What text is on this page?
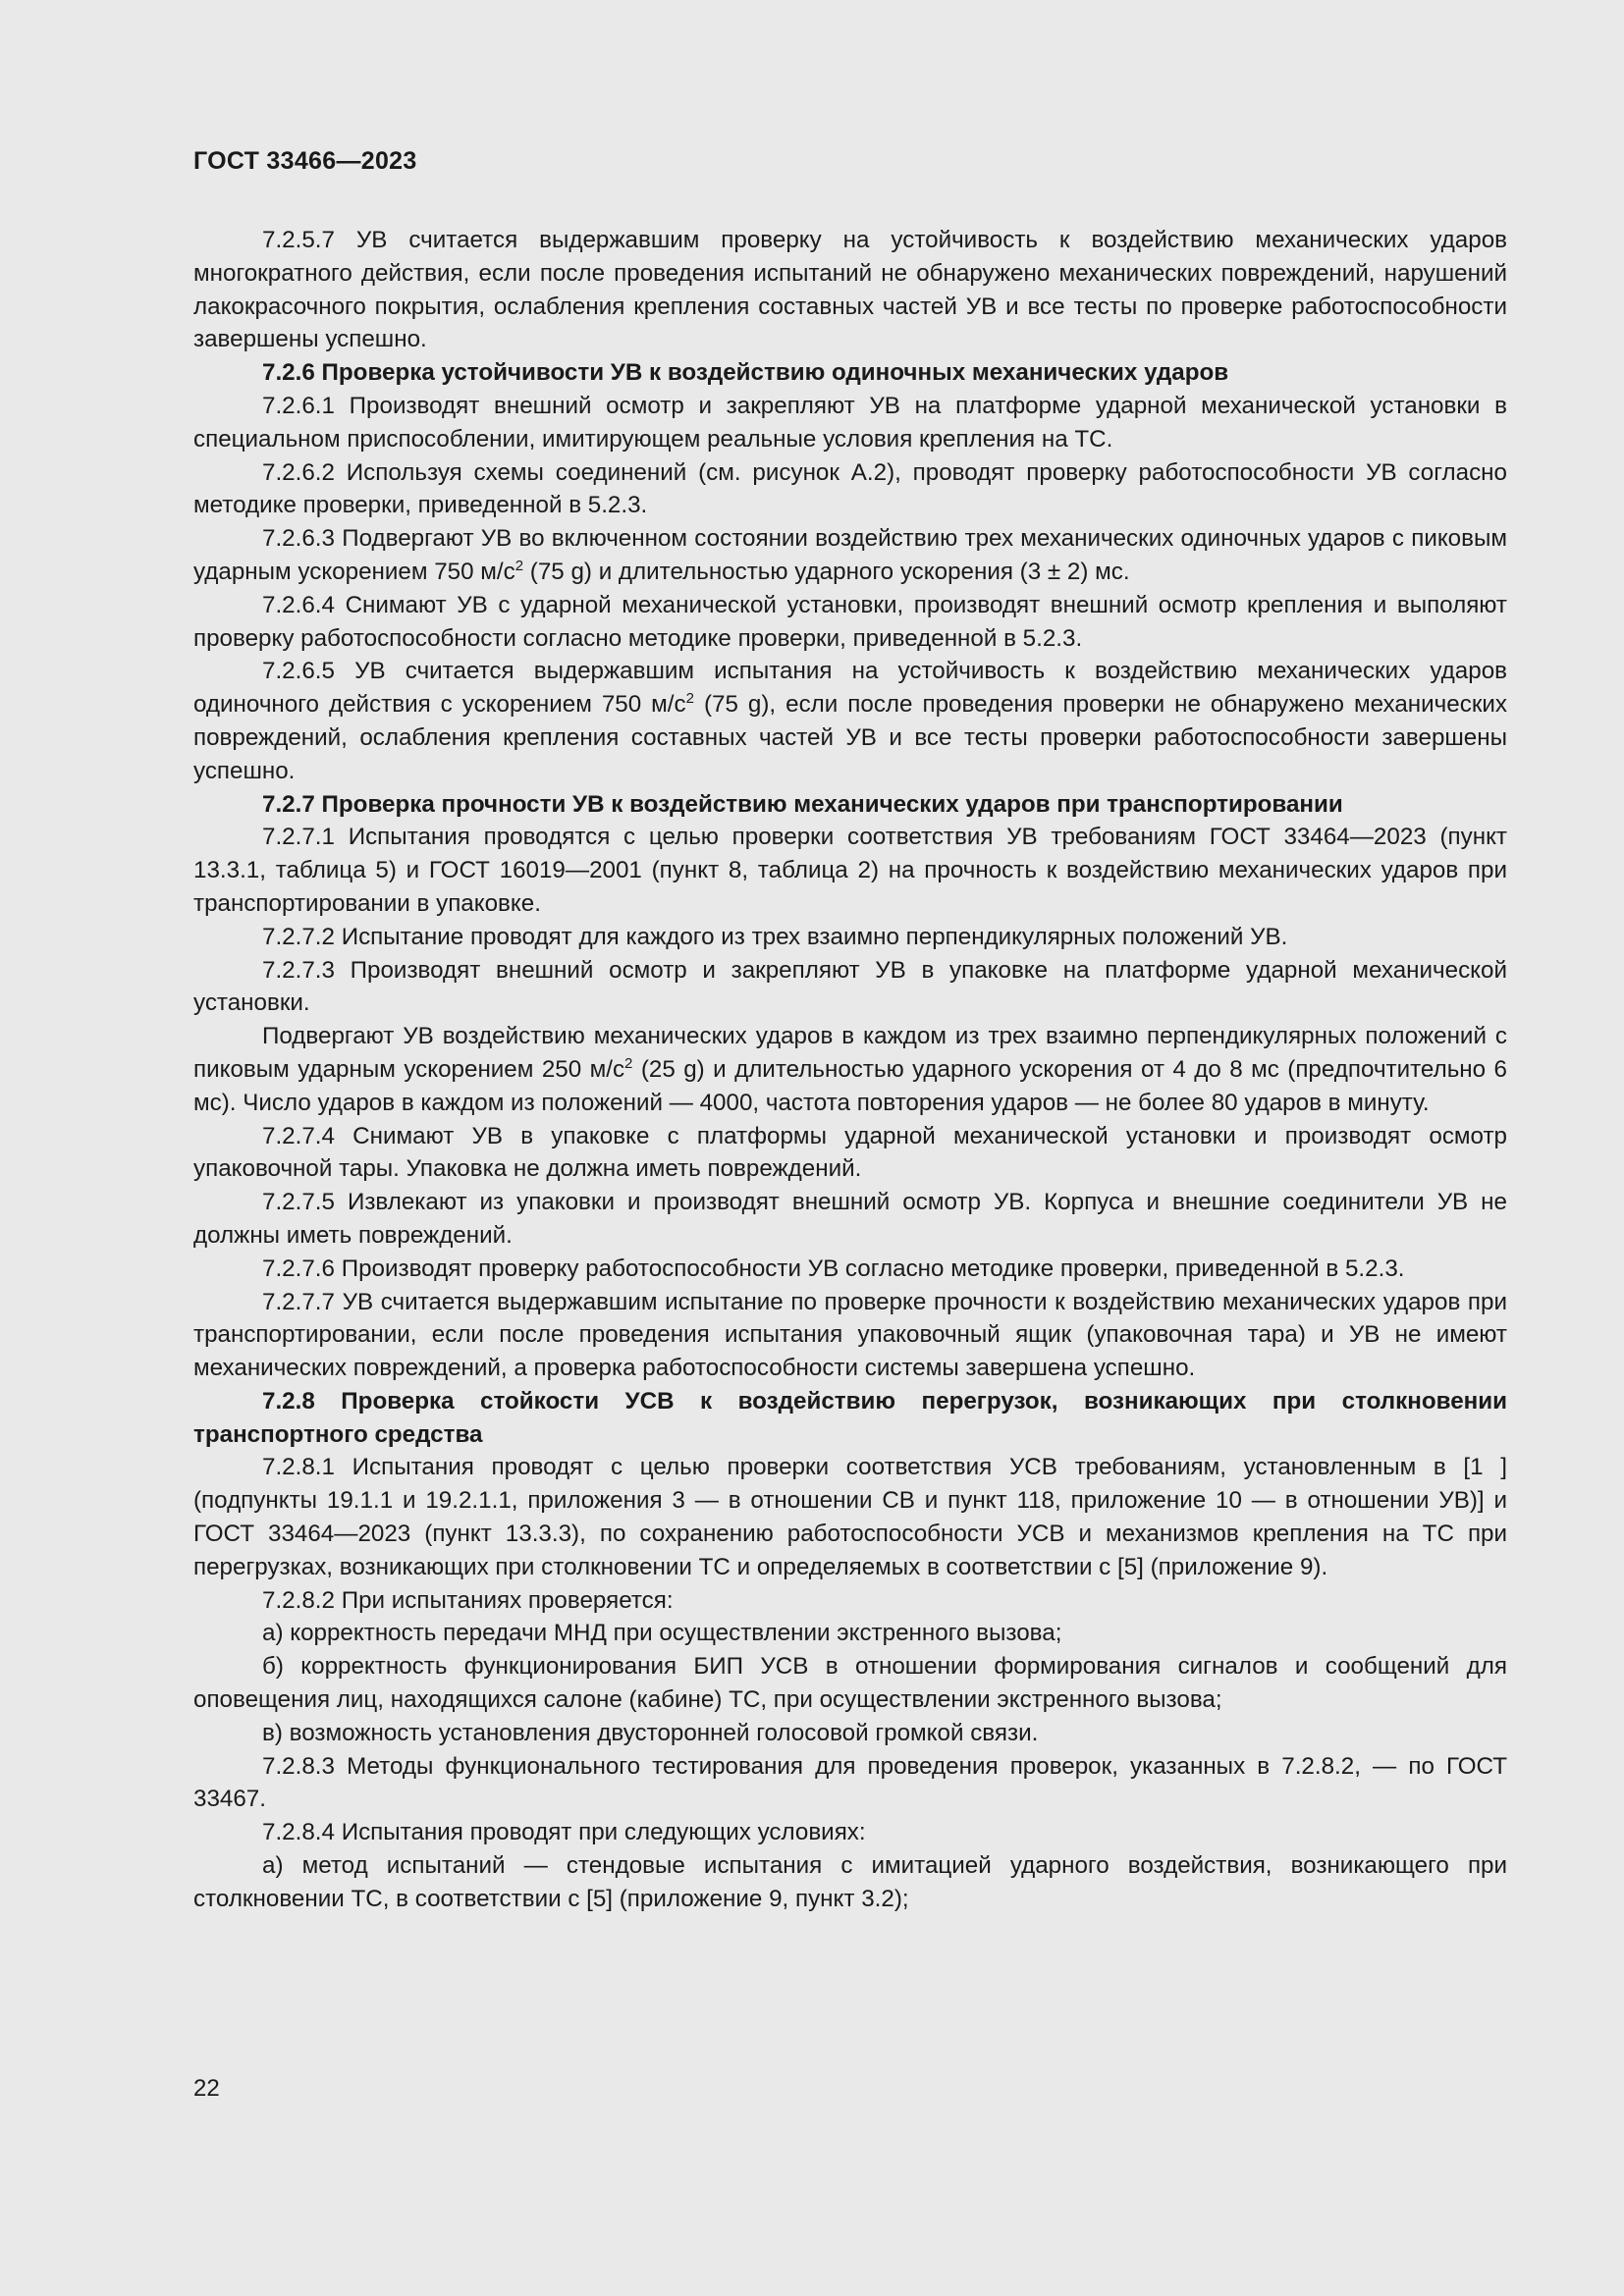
ГОСТ 33466—2023

7.2.5.7 УВ считается выдержавшим проверку на устойчивость к воздействию механических ударов многократного действия, если после проведения испытаний не обнаружено механических повреждений, нарушений лакокрасочного покрытия, ослабления крепления составных частей УВ и все тесты по проверке работоспособности завершены успешно.

7.2.6 Проверка устойчивости УВ к воздействию одиночных механических ударов

7.2.6.1 Производят внешний осмотр и закрепляют УВ на платформе ударной механической установки в специальном приспособлении, имитирующем реальные условия крепления на ТС.

7.2.6.2 Используя схемы соединений (см. рисунок А.2), проводят проверку работоспособности УВ согласно методике проверки, приведенной в 5.2.3.

7.2.6.3 Подвергают УВ во включенном состоянии воздействию трех механических одиночных ударов с пиковым ударным ускорением 750 $м/с^2$ (75 g) и длительностью ударного ускорения (3 ± 2) мс.

7.2.6.4 Снимают УВ с ударной механической установки, производят внешний осмотр крепления и выполяют проверку работоспособности согласно методике проверки, приведенной в 5.2.3.

7.2.6.5 УВ считается выдержавшим испытания на устойчивость к воздействию механических ударов одиночного действия с ускорением 750 $м/с^2$ (75 g), если после проведения проверки не обнаружено механических повреждений, ослабления крепления составных частей УВ и все тесты проверки работоспособности завершены успешно.

7.2.7 Проверка прочности УВ к воздействию механических ударов при транспортировании

7.2.7.1 Испытания проводятся с целью проверки соответствия УВ требованиям ГОСТ 33464—2023 (пункт 13.3.1, таблица 5) и ГОСТ 16019—2001 (пункт 8, таблица 2) на прочность к воздействию механических ударов при транспортировании в упаковке.

7.2.7.2 Испытание проводят для каждого из трех взаимно перпендикулярных положений УВ.

7.2.7.3 Производят внешний осмотр и закрепляют УВ в упаковке на платформе ударной механической установки.

Подвергают УВ воздействию механических ударов в каждом из трех взаимно перпендикулярных положений с пиковым ударным ускорением 250 $м/с^2$ (25 g) и длительностью ударного ускорения от 4 до 8 мс (предпочтительно 6 мс). Число ударов в каждом из положений — 4000, частота повторения ударов — не более 80 ударов в минуту.

7.2.7.4 Снимают УВ в упаковке с платформы ударной механической установки и производят осмотр упаковочной тары. Упаковка не должна иметь повреждений.

7.2.7.5 Извлекают из упаковки и производят внешний осмотр УВ. Корпуса и внешние соединители УВ не должны иметь повреждений.

7.2.7.6 Производят проверку работоспособности УВ согласно методике проверки, приведенной в 5.2.3.

7.2.7.7 УВ считается выдержавшим испытание по проверке прочности к воздействию механических ударов при транспортировании, если после проведения испытания упаковочный ящик (упаковочная тара) и УВ не имеют механических повреждений, а проверка работоспособности системы завершена успешно.

7.2.8 Проверка стойкости УСВ к воздействию перегрузок, возникающих при столкновении транспортного средства

7.2.8.1 Испытания проводят с целью проверки соответствия УСВ требованиям, установленным в [1 ] (подпункты 19.1.1 и 19.2.1.1, приложения 3 — в отношении СВ и пункт 118, приложение 10 — в отношении УВ)] и ГОСТ 33464—2023 (пункт 13.3.3), по сохранению работоспособности УСВ и механизмов крепления на ТС при перегрузках, возникающих при столкновении ТС и определяемых в соответствии с [5] (приложение 9).

7.2.8.2 При испытаниях проверяется:

а) корректность передачи МНД при осуществлении экстренного вызова;

б) корректность функционирования БИП УСВ в отношении формирования сигналов и сообщений для оповещения лиц, находящихся салоне (кабине) ТС, при осуществлении экстренного вызова;

в) возможность установления двусторонней голосовой громкой связи.

7.2.8.3 Методы функционального тестирования для проведения проверок, указанных в 7.2.8.2, — по ГОСТ 33467.

7.2.8.4 Испытания проводят при следующих условиях:

а) метод испытаний — стендовые испытания с имитацией ударного воздействия, возникающего при столкновении ТС, в соответствии с [5] (приложение 9, пункт 3.2);

22
